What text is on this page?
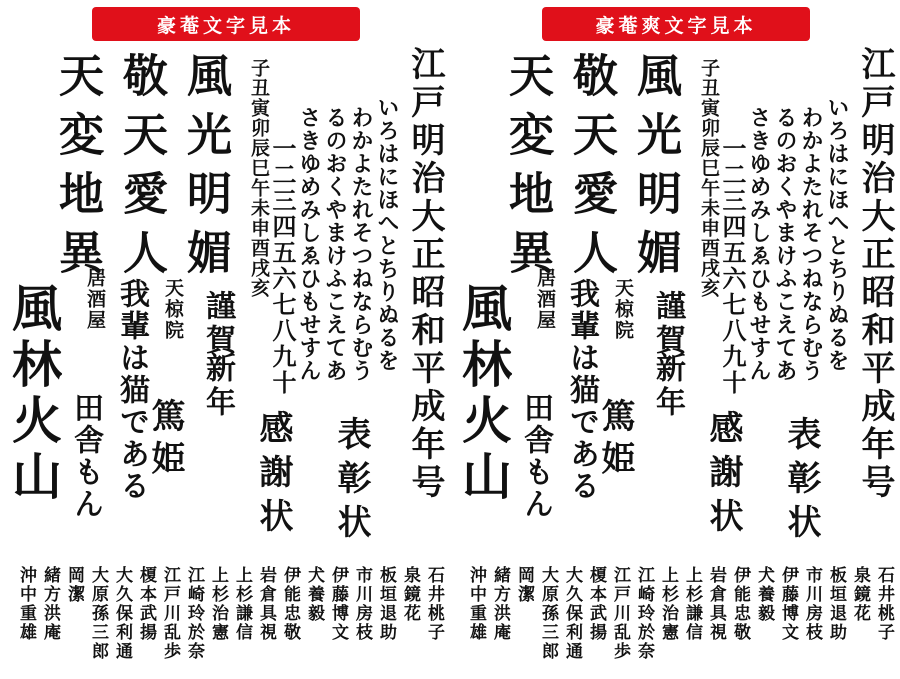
豪菴文字見本
風光明媚
敬天愛人
天変地異	江戸明治大正昭和平成年号
いろはにほへとちりぬるを
わかよたれそつねならむう
るのおくやまけふこえてあ
さきゆめみしゑひもせすん
一二三四五六七八九十
子丑寅卯辰巳午未申酉戌亥
風林火山 居酒屋	天椋院
我輩は猫である 謹賀
新年
田舎もん 篤姫	表彰状
感謝状
石井桃子
泉鏡花
板垣退助
市川房枝
伊藤博文
犬養毅
伊能忠敬
岩倉具視
上杉謙信
上杉治憲
江崎玲於奈
江戸川乱歩
榎本武揚
大久保利通
大原孫三郎
岡潔
緒方洪庵
沖中重雄
豪菴爽文字見本
風光明媚
敬天愛人
天変地異	江戸明治大正昭和平成年号
いろはにほへとちりぬるを
わかよたれそつねならむう
るのおくやまけふこえてあ
さきゆめみしゑひもせすん
一二三四五六七八九十
子丑寅卯辰巳午未申酉戌亥
風林火山 居酒屋	天椋院
我輩は猫である 謹賀
新年
田舎もん 篤姫	表彰状
感謝状
石井桃子
泉鏡花
板垣退助
市川房枝
伊藤博文
犬養毅
伊能忠敬
岩倉具視
上杉謙信
上杉治憲
江崎玲於奈
江戸川乱歩
榎本武揚
大久保利通
大原孫三郎
岡潔
緒方洪庵
沖中重雄
